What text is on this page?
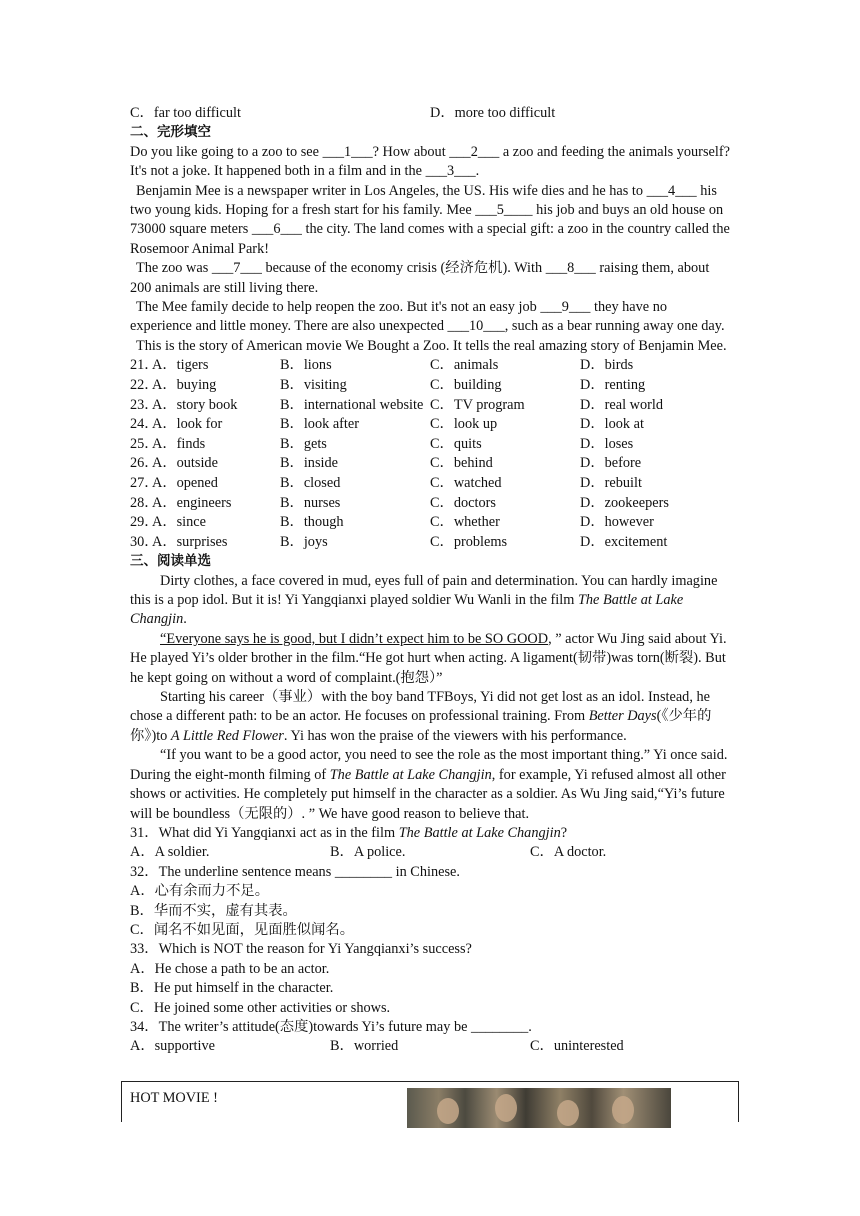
C．far too difficult	D．more too difficult
二、完形填空

Do you like going to a zoo to see ___1___? How about ___2___ a zoo and feeding the animals yourself? It's not a joke. It happened both in a film and in the ___3___.

Benjamin Mee is a newspaper writer in Los Angeles, the US. His wife dies and he has to ___4___ his two young kids. Hoping for a fresh start for his family. Mee ___5____ his job and buys an old house on 73000 square meters ___6___ the city. The land comes with a special gift: a zoo in the country called the Rosemoor Animal Park!

The zoo was ___7___ because of the economy crisis (经济危机). With ___8___ raising them, about 200 animals are still living there.

The Mee family decide to help reopen the zoo. But it's not an easy job ___9___ they have no experience and little money. There are also unexpected ___10___, such as a bear running away one day.

This is the story of American movie We Bought a Zoo. It tells the real amazing story of Benjamin Mee.

21．
A．tigers	B．lions	C．animals	D．birds
22．
A．buying	B．visiting	C．building	D．renting
23．
A．story book	B．international website C．TV program	D．real world
24．
A．look for	B．look after	C．look up	D．look at
25．
A．finds	B．gets	C．quits	D．loses
26．
A．outside	B．inside	C．behind	D．before
27．
A．opened	B．closed	C．watched	D．rebuilt
28．
A．engineers	B．nurses	C．doctors	D．zookeepers
29．
A．since	B．though	C．whether	D．however
30．
A．surprises	B．joys	C．problems	D．excitement
三、阅读单选

Dirty clothes, a face covered in mud, eyes full of pain and determination. You can hardly imagine this is a pop idol. But it is! Yi Yangqianxi played soldier Wu Wanli in the film The Battle at Lake Changjin.

“Everyone says he is good, but I didn’t expect him to be SO GOOD, ” actor Wu Jing said about Yi. He played Yi’s older brother in the film.“He got hurt when acting. A ligament(韧带)was torn(断裂). But he kept going on without a word of complaint.(抱怨）”

Starting his career（事业）with the boy band TFBoys, Yi did not get lost as an idol. Instead, he chose a different path: to be an actor. He focuses on professional training. From Better Days(《少年的你》)to A Little Red Flower. Yi has won the praise of the viewers with his performance.

“If you want to be a good actor, you need to see the role as the most important thing.” Yi once said. During the eight-month filming of The Battle at Lake Changjin, for example, Yi refused almost all other shows or activities. He completely put himself in the character as a soldier. As Wu Jing said,“Yi’s future will be boundless（无限的）. ” We have good reason to believe that.

31．What did Yi Yangqianxi act as in the film The Battle at Lake Changjin?

A．A soldier.	B．A police.	C．A doctor.

32．The underline sentence means ________ in Chinese.

A．心有余而力不足。

B．华而不实，虚有其表。

C．闻名不如见面，见面胜似闻名。

33．Which is NOT the reason for Yi Yangqianxi’s success?

A．He chose a path to be an actor.

B．He put himself in the character.

C．He joined some other activities or shows.

34．The writer’s attitude(态度)towards Yi’s future may be ________.

A．supportive	B．worried	C．uninterested
HOT MOVIE !
